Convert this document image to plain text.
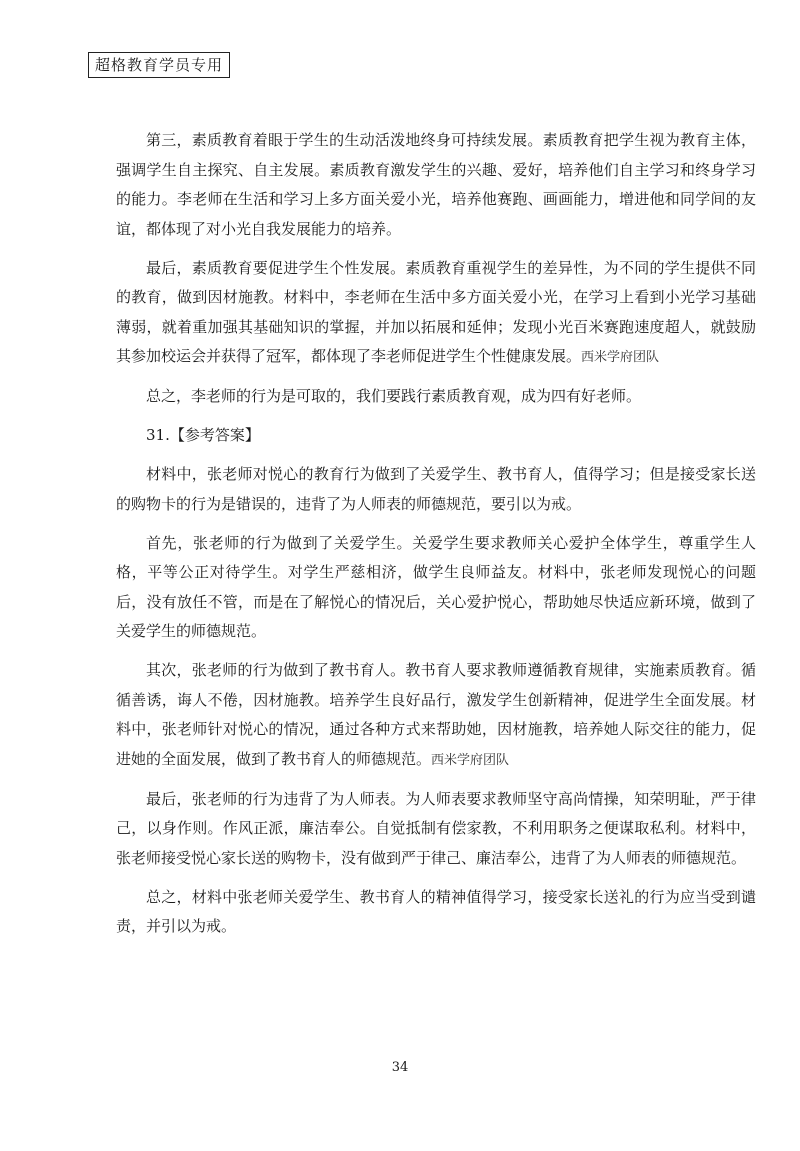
超格教育学员专用

第三，素质教育着眼于学生的生动活泼地终身可持续发展。素质教育把学生视为教育主体，强调学生自主探究、自主发展。素质教育激发学生的兴趣、爱好，培养他们自主学习和终身学习的能力。李老师在生活和学习上多方面关爱小光，培养他赛跑、画画能力，增进他和同学间的友谊，都体现了对小光自我发展能力的培养。

最后，素质教育要促进学生个性发展。素质教育重视学生的差异性，为不同的学生提供不同的教育，做到因材施教。材料中，李老师在生活中多方面关爱小光，在学习上看到小光学习基础薄弱，就着重加强其基础知识的掌握，并加以拓展和延伸；发现小光百米赛跑速度超人，就鼓励其参加校运会并获得了冠军，都体现了李老师促进学生个性健康发展。西米学府团队

总之，李老师的行为是可取的，我们要践行素质教育观，成为四有好老师。

31.【参考答案】

材料中，张老师对悦心的教育行为做到了关爱学生、教书育人，值得学习；但是接受家长送的购物卡的行为是错误的，违背了为人师表的师德规范，要引以为戒。

首先，张老师的行为做到了关爱学生。关爱学生要求教师关心爱护全体学生，尊重学生人格，平等公正对待学生。对学生严慈相济，做学生良师益友。材料中，张老师发现悦心的问题后，没有放任不管，而是在了解悦心的情况后，关心爱护悦心，帮助她尽快适应新环境，做到了关爱学生的师德规范。

其次，张老师的行为做到了教书育人。教书育人要求教师遵循教育规律，实施素质教育。循循善诱，诲人不倦，因材施教。培养学生良好品行，激发学生创新精神，促进学生全面发展。材料中，张老师针对悦心的情况，通过各种方式来帮助她，因材施教，培养她人际交往的能力，促进她的全面发展，做到了教书育人的师德规范。西米学府团队

最后，张老师的行为违背了为人师表。为人师表要求教师坚守高尚情操，知荣明耻，严于律己，以身作则。作风正派，廉洁奉公。自觉抵制有偿家教，不利用职务之便谋取私利。材料中，张老师接受悦心家长送的购物卡，没有做到严于律己、廉洁奉公，违背了为人师表的师德规范。

总之，材料中张老师关爱学生、教书育人的精神值得学习，接受家长送礼的行为应当受到谴责，并引以为戒。

34
